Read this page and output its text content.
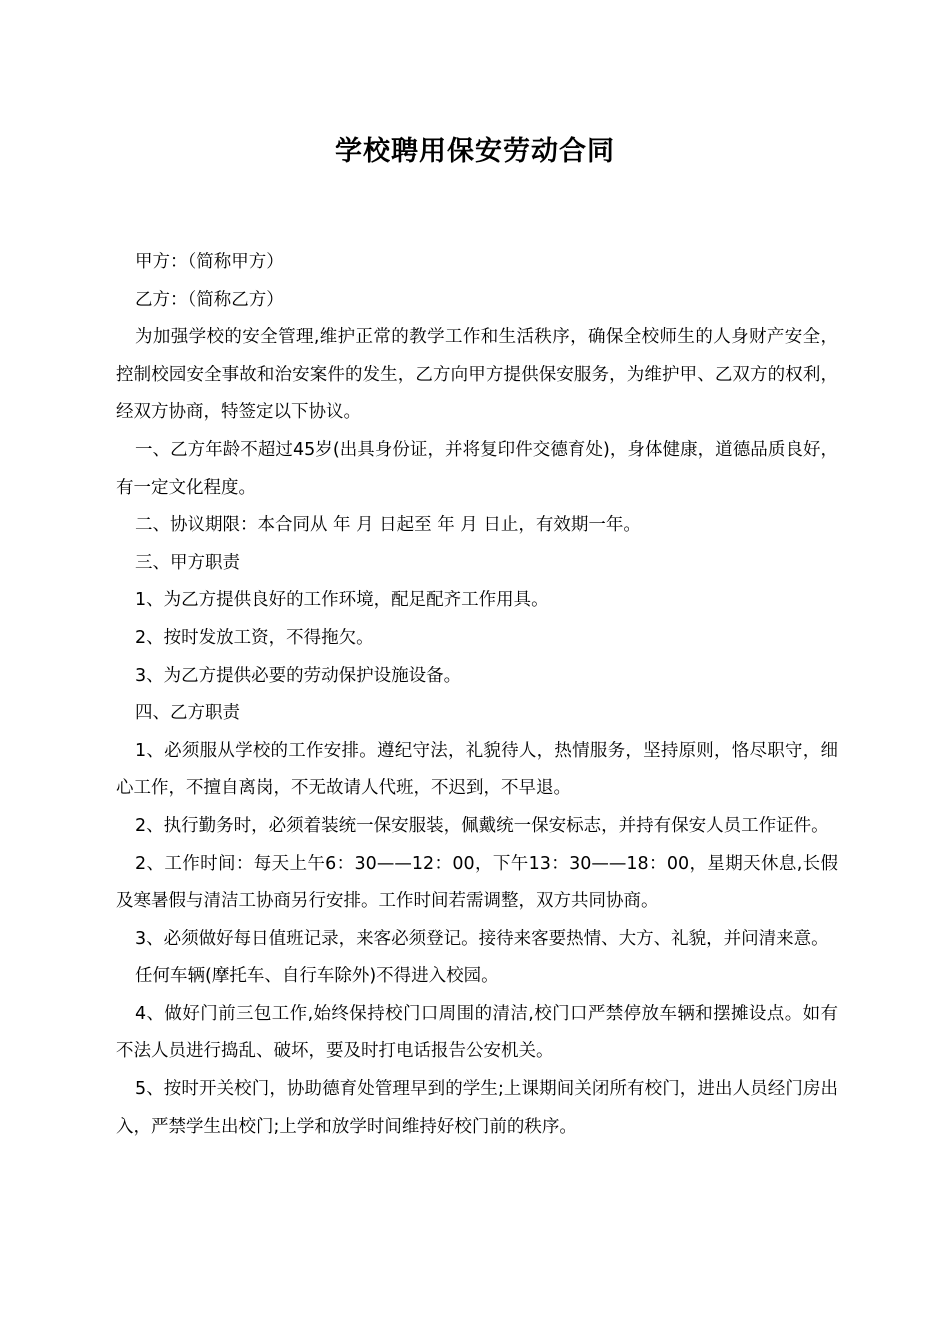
学校聘用保安劳动合同

甲方：（简称甲方）

乙方：（简称乙方）

为加强学校的安全管理,维护正常的教学工作和生活秩序，确保全校师生的人身财产安全，控制校园安全事故和治安案件的发生，乙方向甲方提供保安服务，为维护甲、乙双方的权利，经双方协商，特签定以下协议。

一、乙方年龄不超过45岁(出具身份证，并将复印件交德育处)，身体健康，道德品质良好，有一定文化程度。

二、协议期限：本合同从 年 月 日起至 年 月 日止，有效期一年。

三、甲方职责

1、为乙方提供良好的工作环境，配足配齐工作用具。

2、按时发放工资，不得拖欠。

3、为乙方提供必要的劳动保护设施设备。

四、乙方职责

1、必须服从学校的工作安排。遵纪守法，礼貌待人，热情服务，坚持原则，恪尽职守，细心工作，不擅自离岗，不无故请人代班，不迟到，不早退。

2、执行勤务时，必须着装统一保安服装，佩戴统一保安标志，并持有保安人员工作证件。

2、工作时间：每天上午6：30——12：00，下午13：30——18：00，星期天休息,长假及寒暑假与清洁工协商另行安排。工作时间若需调整，双方共同协商。

3、必须做好每日值班记录，来客必须登记。接待来客要热情、大方、礼貌，并问清来意。

任何车辆(摩托车、自行车除外)不得进入校园。

4、做好门前三包工作,始终保持校门口周围的清洁,校门口严禁停放车辆和摆摊设点。如有不法人员进行捣乱、破坏，要及时打电话报告公安机关。

5、按时开关校门，协助德育处管理早到的学生;上课期间关闭所有校门，进出人员经门房出入，严禁学生出校门;上学和放学时间维持好校门前的秩序。
